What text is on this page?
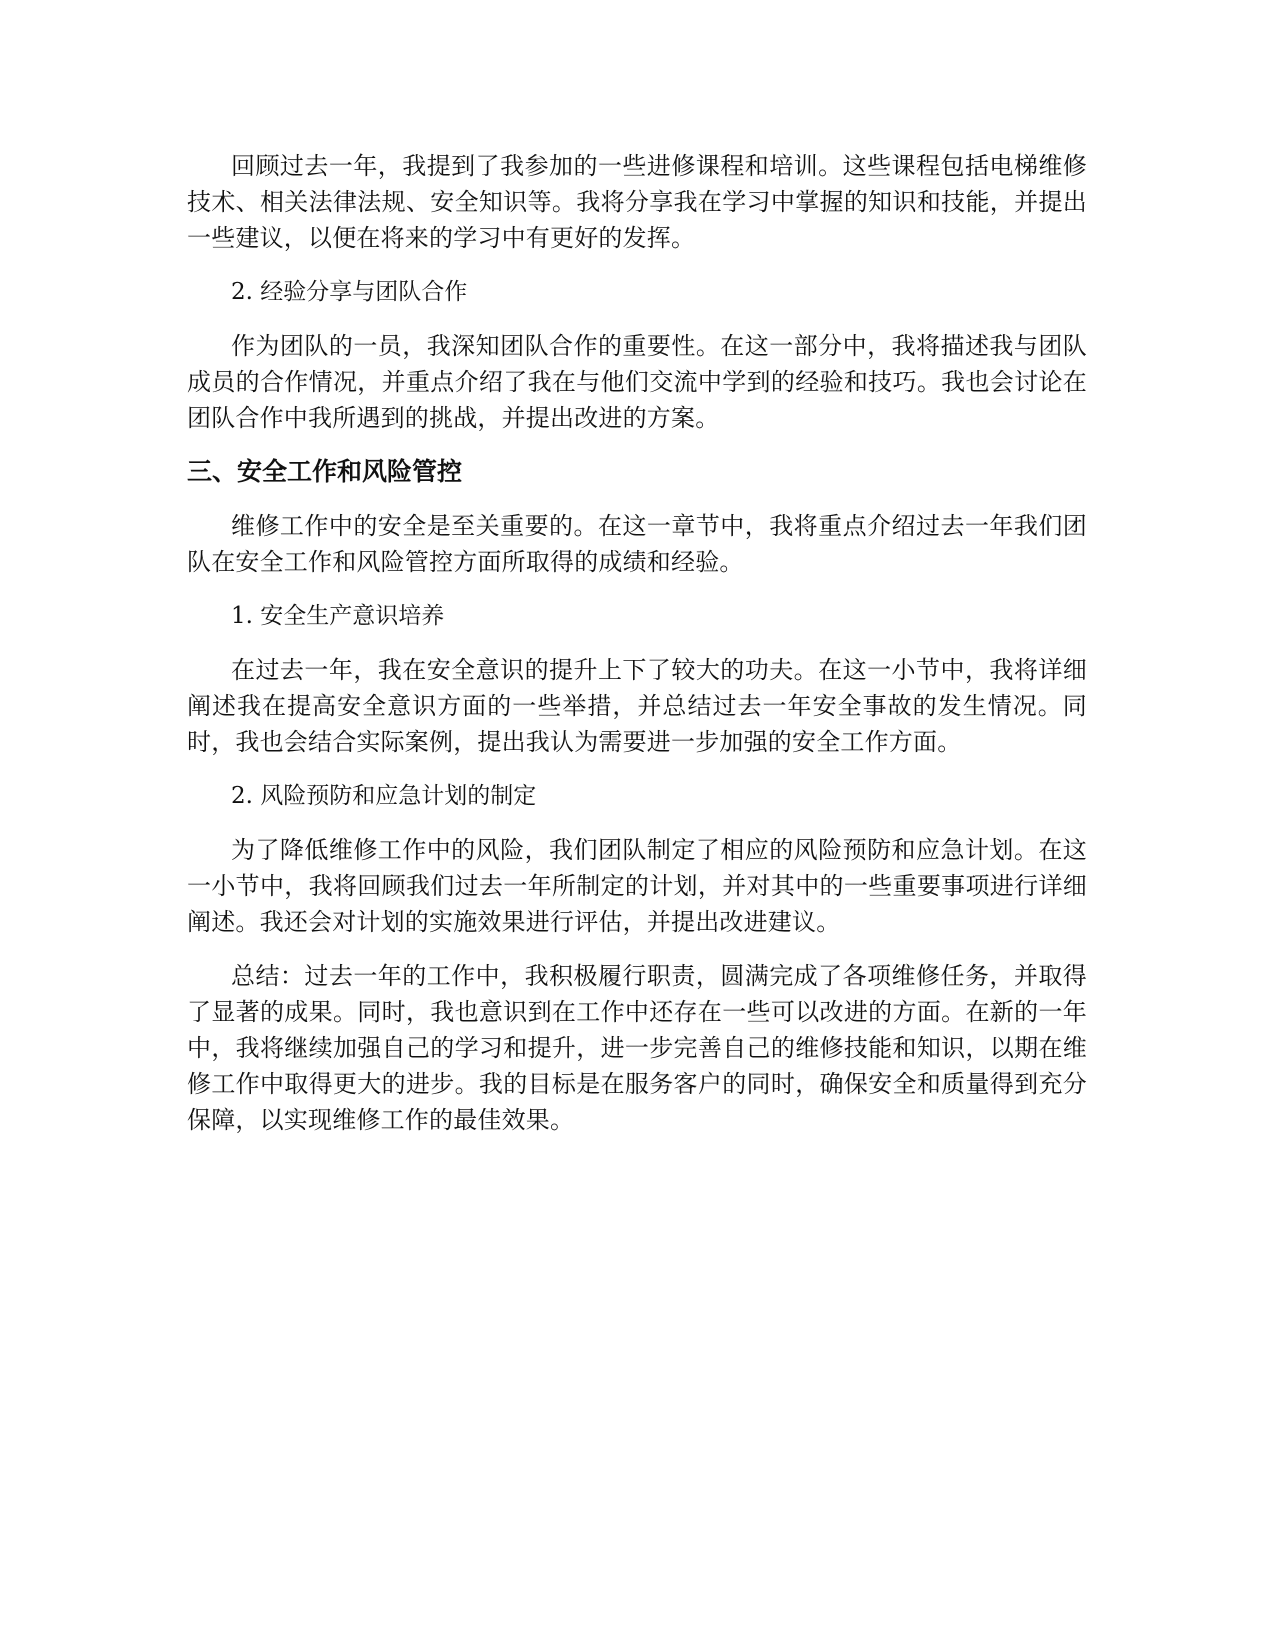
回顾过去一年，我提到了我参加的一些进修课程和培训。这些课程包括电梯维修技术、相关法律法规、安全知识等。我将分享我在学习中掌握的知识和技能，并提出一些建议，以便在将来的学习中有更好的发挥。

2. 经验分享与团队合作

作为团队的一员，我深知团队合作的重要性。在这一部分中，我将描述我与团队成员的合作情况，并重点介绍了我在与他们交流中学到的经验和技巧。我也会讨论在团队合作中我所遇到的挑战，并提出改进的方案。

三、安全工作和风险管控

维修工作中的安全是至关重要的。在这一章节中，我将重点介绍过去一年我们团队在安全工作和风险管控方面所取得的成绩和经验。

1. 安全生产意识培养

在过去一年，我在安全意识的提升上下了较大的功夫。在这一小节中，我将详细阐述我在提高安全意识方面的一些举措，并总结过去一年安全事故的发生情况。同时，我也会结合实际案例，提出我认为需要进一步加强的安全工作方面。

2. 风险预防和应急计划的制定

为了降低维修工作中的风险，我们团队制定了相应的风险预防和应急计划。在这一小节中，我将回顾我们过去一年所制定的计划，并对其中的一些重要事项进行详细阐述。我还会对计划的实施效果进行评估，并提出改进建议。

总结：过去一年的工作中，我积极履行职责，圆满完成了各项维修任务，并取得了显著的成果。同时，我也意识到在工作中还存在一些可以改进的方面。在新的一年中，我将继续加强自己的学习和提升，进一步完善自己的维修技能和知识，以期在维修工作中取得更大的进步。我的目标是在服务客户的同时，确保安全和质量得到充分保障，以实现维修工作的最佳效果。
